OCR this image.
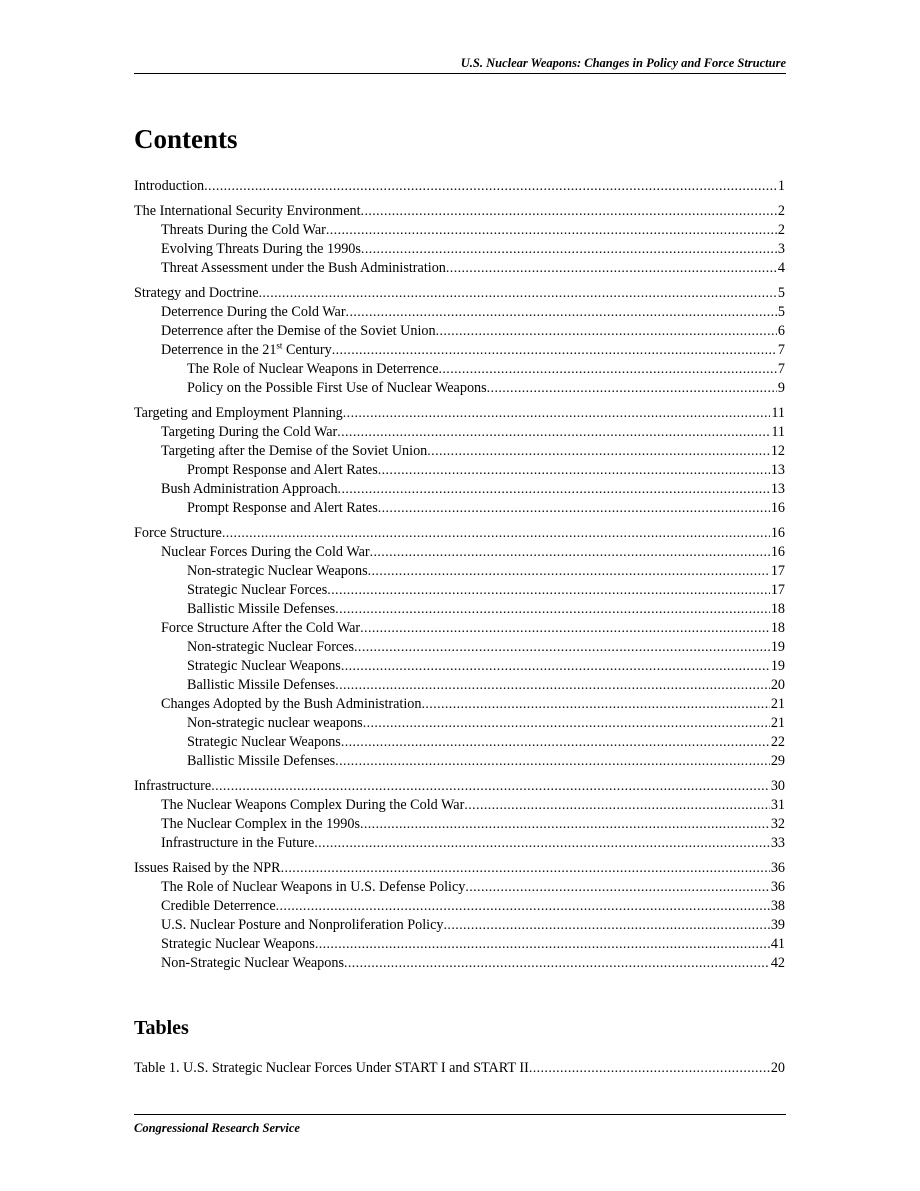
U.S. Nuclear Weapons: Changes in Policy and Force Structure
Contents
Introduction .....	1
The International Security Environment .....	2
Threats During the Cold War .....	2
Evolving Threats During the 1990s .....	3
Threat Assessment under the Bush Administration .....	4
Strategy and Doctrine .....	5
Deterrence During the Cold War .....	5
Deterrence after the Demise of the Soviet Union .....	6
Deterrence in the 21st Century .....	7
The Role of Nuclear Weapons in Deterrence .....	7
Policy on the Possible First Use of Nuclear Weapons .....	9
Targeting and Employment Planning .....	11
Targeting During the Cold War .....	11
Targeting after the Demise of the Soviet Union .....	12
Prompt Response and Alert Rates .....	13
Bush Administration Approach .....	13
Prompt Response and Alert Rates .....	16
Force Structure .....	16
Nuclear Forces During the Cold War .....	16
Non-strategic Nuclear Weapons .....	17
Strategic Nuclear Forces .....	17
Ballistic Missile Defenses .....	18
Force Structure After the Cold War .....	18
Non-strategic Nuclear Forces .....	19
Strategic Nuclear Weapons .....	19
Ballistic Missile Defenses .....	20
Changes Adopted by the Bush Administration .....	21
Non-strategic nuclear weapons .....	21
Strategic Nuclear Weapons .....	22
Ballistic Missile Defenses .....	29
Infrastructure .....	30
The Nuclear Weapons Complex During the Cold War .....	31
The Nuclear Complex in the 1990s .....	32
Infrastructure in the Future .....	33
Issues Raised by the NPR .....	36
The Role of Nuclear Weapons in U.S. Defense Policy .....	36
Credible Deterrence .....	38
U.S. Nuclear Posture and Nonproliferation Policy .....	39
Strategic Nuclear Weapons .....	41
Non-Strategic Nuclear Weapons .....	42
Tables
Table 1. U.S. Strategic Nuclear Forces Under START I and START II .....	20
Congressional Research Service
